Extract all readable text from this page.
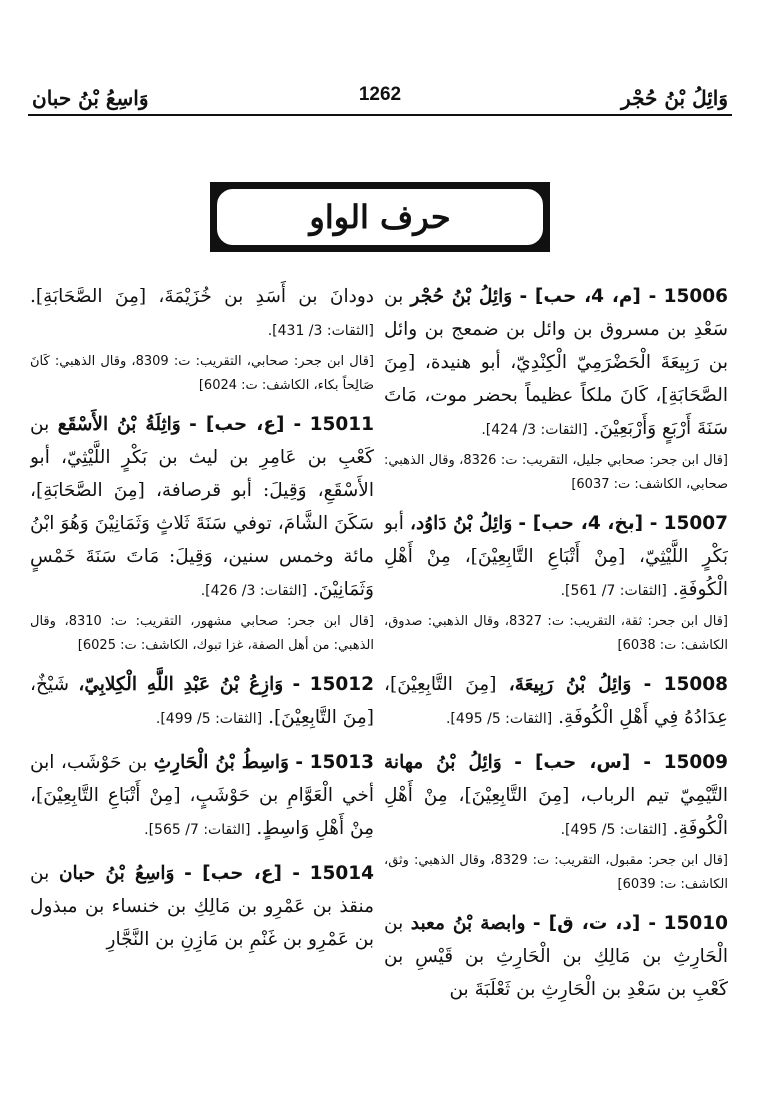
وَائِلُ بْنُ حُجْر
1262
وَاسِعُ بْنُ حبان
حرف الواو
15006 - [م، 4، حب] - وَائِلُ بْنُ حُجْر بن سَعْدِ بن مسروق بن وائل بن ضمعج بن وائل بن رَبِيعَةَ الْحَضْرَمِيّ الْكِنْدِيّ، أبو هنيدة، [مِنَ الصَّحَابَةِ]، كَانَ ملكاً عظيماً بحضر موت، مَاتَ سَنَةَ أَرْبَعٍ وَأَرْبَعِيْنَ. [الثقات: 3/ 424].
[قال ابن جحر: صحابي جليل، التقريب: ت: 8326، وقال الذهبي: صحابي، الكاشف: ت: 6037]
15007 - [بخ، 4، حب] - وَائِلُ بْنُ دَاوُد، أبو بَكْرٍ اللَّيْثِيّ، [مِنْ أَتْبَاعِ التَّابِعِيْنَ]، مِنْ أَهْلِ الْكُوفَةِ. [الثقات: 7/ 561].
[قال ابن جحر: ثقة، التقريب: ت: 8327، وقال الذهبي: صدوق، الكاشف: ت: 6038]
15008 - وَائِلُ بْنُ رَبِيعَةَ، [مِنَ التَّابِعِيْنَ]، عِدَادُهُ فِي أَهْلِ الْكُوفَةِ. [الثقات: 5/ 495].
15009 - [س، حب] - وَائِلُ بْنُ مهانة التَّيْمِيّ تيم الرباب، [مِنَ التَّابِعِيْنَ]، مِنْ أَهْلِ الْكُوفَةِ. [الثقات: 5/ 495].
[قال ابن جحر: مقبول، التقريب: ت: 8329، وقال الذهبي: وثق، الكاشف: ت: 6039]
15010 - [د، ت، ق] - وابصة بْنُ معبد بن الْحَارِثِ بن مَالِكِ بن الْحَارِثِ بن قَيْسِ بن كَعْبِ بن سَعْدِ بن الْحَارِثِ بن ثَعْلَبَةَ بن
دودانَ بن أَسَدِ بن خُزَيْمَةَ، [مِنَ الصَّحَابَةِ]. [الثقات: 3/ 431].
[قال ابن جحر: صحابي، التقريب: ت: 8309، وقال الذهبي: كَانَ صَالِحاً بكاء، الكاشف: ت: 6024]
15011 - [ع، حب] - وَاثِلَةُ بْنُ الأَسْقَع بن كَعْبِ بن عَامِرِ بن ليث بن بَكْرٍ اللَّيْثِيّ، أبو الأَسْقَعِ، وَقِيلَ: أبو قرصافة، [مِنَ الصَّحَابَةِ]، سَكَنَ الشَّامَ، توفي سَنَةَ ثَلاثٍ وَثَمَانِيْنَ وَهُوَ ابْنُ مائة وخمس سنين، وَقِيلَ: مَاتَ سَنَةَ خَمْسٍ وَثَمَانِيْنَ. [الثقات: 3/ 426].
[قال ابن جحر: صحابي مشهور، التقريب: ت: 8310، وقال الذهبي: من أهل الصفة، غزا تبوك، الكاشف: ت: 6025]
15012 - وَازِعُ بْنُ عَبْدِ اللَّهِ الْكِلابِيّ، شَيْخٌ، [مِنَ التَّابِعِيْنَ]. [الثقات: 5/ 499].
15013 - وَاسِطُ بْنُ الْحَارِثِ بن حَوْشَب، ابن أخي الْعَوَّامِ بن حَوْشَبٍ، [مِنْ أَتْبَاعِ التَّابِعِيْنَ]، مِنْ أَهْلِ وَاسِطٍ. [الثقات: 7/ 565].
15014 - [ع، حب] - وَاسِعُ بْنُ حبان بن منقذ بن عَمْرِو بن مَالِكِ بن خنساء بن مبذول بن عَمْرِو بن غَنْمِ بن مَازِنِ بن النَّجَّارِ
